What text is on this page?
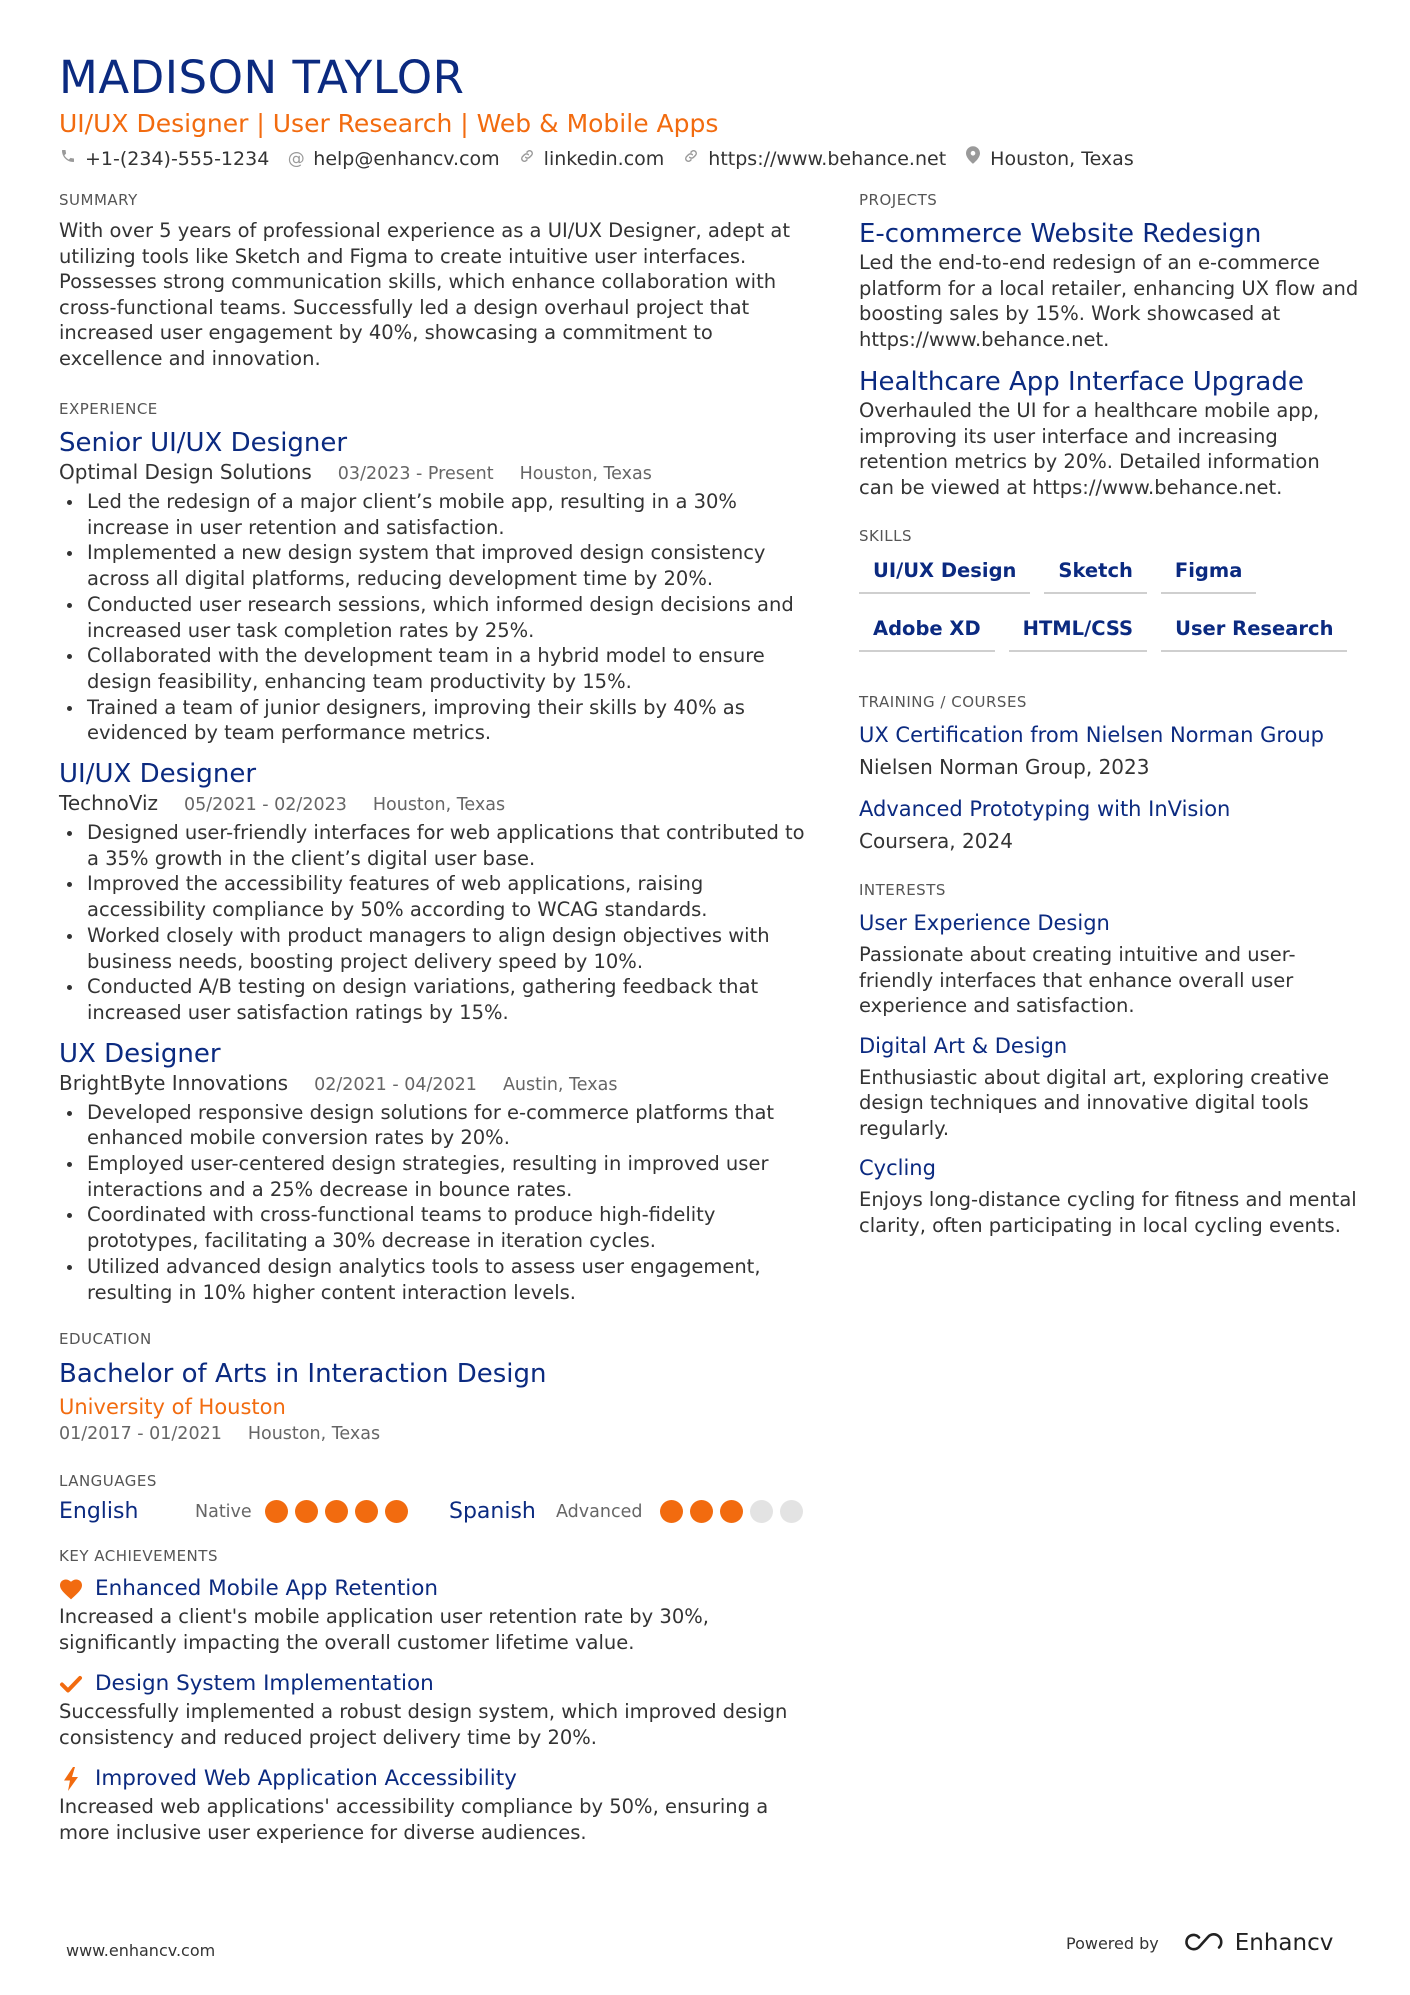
MADISON TAYLOR
UI/UX Designer | User Research | Web & Mobile Apps
+1-(234)-555-1234 @ help@enhancv.com linkedin.com https://www.behance.net Houston, Texas
SUMMARY
With over 5 years of professional experience as a UI/UX Designer, adept at utilizing tools like Sketch and Figma to create intuitive user interfaces. Possesses strong communication skills, which enhance collaboration with cross-functional teams. Successfully led a design overhaul project that increased user engagement by 40%, showcasing a commitment to excellence and innovation.
EXPERIENCE
Senior UI/UX Designer
Optimal Design Solutions 03/2023 - Present Houston, Texas
Led the redesign of a major client’s mobile app, resulting in a 30% increase in user retention and satisfaction.
Implemented a new design system that improved design consistency across all digital platforms, reducing development time by 20%.
Conducted user research sessions, which informed design decisions and increased user task completion rates by 25%.
Collaborated with the development team in a hybrid model to ensure design feasibility, enhancing team productivity by 15%.
Trained a team of junior designers, improving their skills by 40% as evidenced by team performance metrics.
UI/UX Designer
TechnoViz 05/2021 - 02/2023 Houston, Texas
Designed user-friendly interfaces for web applications that contributed to a 35% growth in the client’s digital user base.
Improved the accessibility features of web applications, raising accessibility compliance by 50% according to WCAG standards.
Worked closely with product managers to align design objectives with business needs, boosting project delivery speed by 10%.
Conducted A/B testing on design variations, gathering feedback that increased user satisfaction ratings by 15%.
UX Designer
BrightByte Innovations 02/2021 - 04/2021 Austin, Texas
Developed responsive design solutions for e-commerce platforms that enhanced mobile conversion rates by 20%.
Employed user-centered design strategies, resulting in improved user interactions and a 25% decrease in bounce rates.
Coordinated with cross-functional teams to produce high-fidelity prototypes, facilitating a 30% decrease in iteration cycles.
Utilized advanced design analytics tools to assess user engagement, resulting in 10% higher content interaction levels.
EDUCATION
Bachelor of Arts in Interaction Design
University of Houston
01/2017 - 01/2021 Houston, Texas
LANGUAGES
English	Native	Spanish	Advanced
KEY ACHIEVEMENTS
Enhanced Mobile App Retention
Increased a client's mobile application user retention rate by 30%, significantly impacting the overall customer lifetime value.
Design System Implementation
Successfully implemented a robust design system, which improved design consistency and reduced project delivery time by 20%.
Improved Web Application Accessibility
Increased web applications' accessibility compliance by 50%, ensuring a more inclusive user experience for diverse audiences.
PROJECTS
E-commerce Website Redesign
Led the end-to-end redesign of an e-commerce platform for a local retailer, enhancing UX flow and boosting sales by 15%. Work showcased at https://www.behance.net.
Healthcare App Interface Upgrade
Overhauled the UI for a healthcare mobile app, improving its user interface and increasing retention metrics by 20%. Detailed information can be viewed at https://www.behance.net.
SKILLS
UI/UX Design	Sketch	Figma
Adobe XD	HTML/CSS	User Research
TRAINING / COURSES
UX Certification from Nielsen Norman Group
Nielsen Norman Group, 2023
Advanced Prototyping with InVision
Coursera, 2024
INTERESTS
User Experience Design
Passionate about creating intuitive and user-friendly interfaces that enhance overall user experience and satisfaction.
Digital Art & Design
Enthusiastic about digital art, exploring creative design techniques and innovative digital tools regularly.
Cycling
Enjoys long-distance cycling for fitness and mental clarity, often participating in local cycling events.
www.enhancv.com	Powered by	Enhancv
